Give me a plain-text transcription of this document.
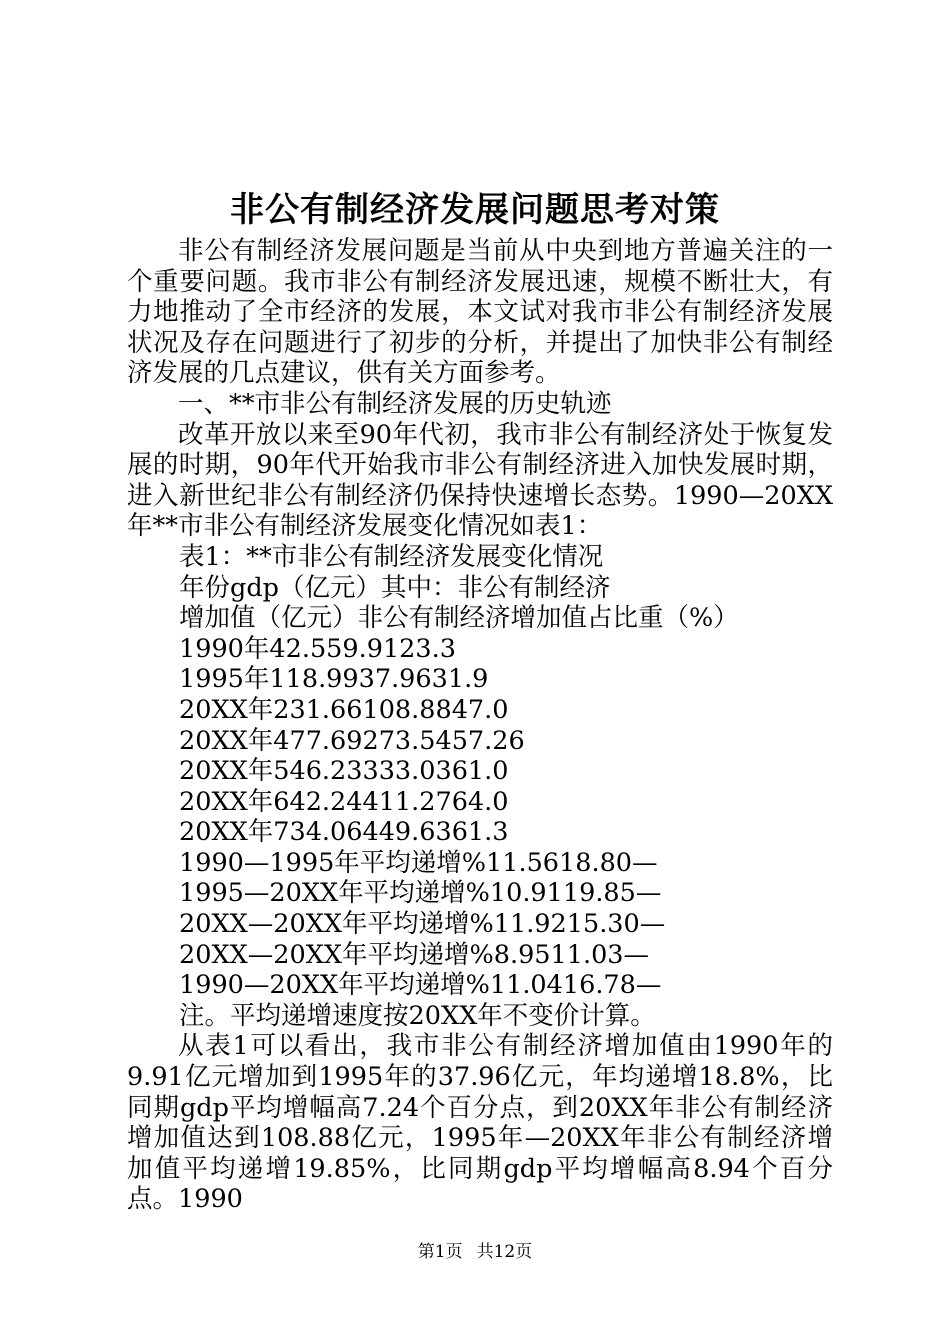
非公有制经济发展问题思考对策

非公有制经济发展问题是当前从中央到地方普遍关注的一个重要问题。我市非公有制经济发展迅速，规模不断壮大，有力地推动了全市经济的发展，本文试对我市非公有制经济发展状况及存在问题进行了初步的分析，并提出了加快非公有制经济发展的几点建议，供有关方面参考。

一、**市非公有制经济发展的历史轨迹

改革开放以来至90年代初，我市非公有制经济处于恢复发展的时期，90年代开始我市非公有制经济进入加快发展时期，进入新世纪非公有制经济仍保持快速增长态势。1990—20XX年**市非公有制经济发展变化情况如表1：

表1：**市非公有制经济发展变化情况

年份gdp（亿元）其中：非公有制经济

增加值（亿元）非公有制经济增加值占比重（%）

1990年42.559.9123.3

1995年118.9937.9631.9

20XX年231.66108.8847.0

20XX年477.69273.5457.26

20XX年546.23333.0361.0

20XX年642.24411.2764.0

20XX年734.06449.6361.3

1990—1995年平均递增%11.5618.80—

1995—20XX年平均递增%10.9119.85—

20XX—20XX年平均递增%11.9215.30—

20XX—20XX年平均递增%8.9511.03—

1990—20XX年平均递增%11.0416.78—

注。平均递增速度按20XX年不变价计算。

从表1可以看出，我市非公有制经济增加值由1990年的9.91亿元增加到1995年的37.96亿元，年均递增18.8%，比同期gdp平均增幅高7.24个百分点，到20XX年非公有制经济增加值达到108.88亿元，1995年—20XX年非公有制经济增加值平均递增19.85%，比同期gdp平均增幅高8.94个百分点。1990

第1页 共12页
